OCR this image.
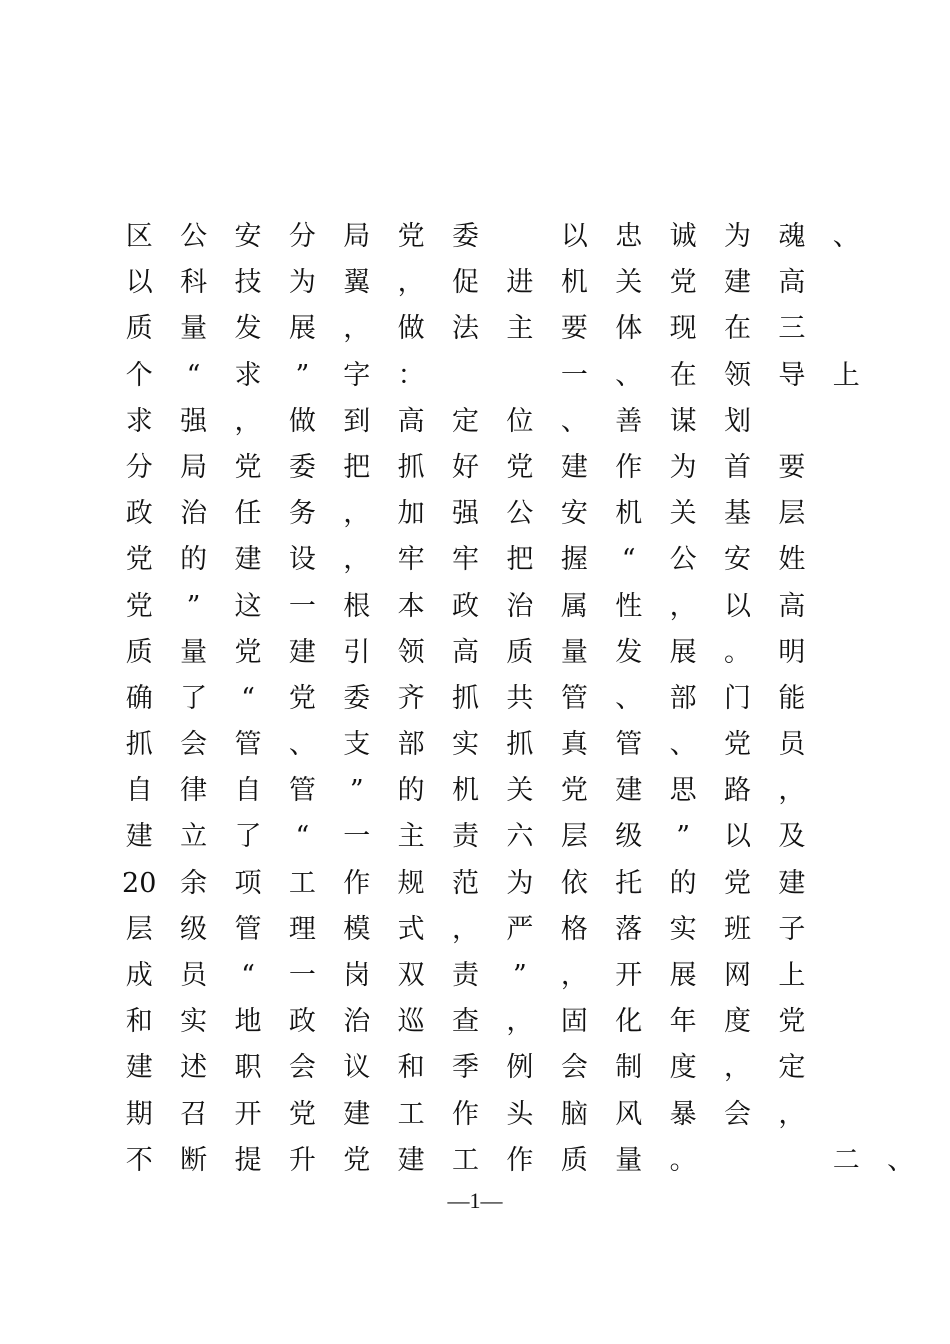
区 公 安 分 局 党 委	以 忠 诚 为 魂 、
以 科 技 为 翼 ， 促 进 机 关 党 建 高
质 量 发 展 ， 做 法 主 要 体 现 在 三
个 “ 求 ” 字 ：	一 、 在 领 导 上
求 强 ， 做 到 高 定 位 、 善 谋 划
分 局 党 委 把 抓 好 党 建 作 为 首 要
政 治 任 务 ， 加 强 公 安 机 关 基 层
党 的 建 设 ， 牢 牢 把 握 “ 公 安 姓
党 ” 这 一 根 本 政 治 属 性 ， 以 高
质 量 党 建 引 领 高 质 量 发 展 。 明
确 了 “ 党 委 齐 抓 共 管 、 部 门 能
抓 会 管 、 支 部 实 抓 真 管 、 党 员
自 律 自 管 ” 的 机 关 党 建 思 路 ，
建 立 了 “ 一 主 责 六 层 级 ” 以 及
20 余 项 工 作 规 范 为 依 托 的 党 建
层 级 管 理 模 式 ， 严 格 落 实 班 子
成 员 “ 一 岗 双 责 ” ， 开 展 网 上
和 实 地 政 治 巡 查 ， 固 化 年 度 党
建 述 职 会 议 和 季 例 会 制 度 ， 定
期 召 开 党 建 工 作 头 脑 风 暴 会 ，
不 断 提 升 党 建 工 作 质 量 。	二 、
—1—
